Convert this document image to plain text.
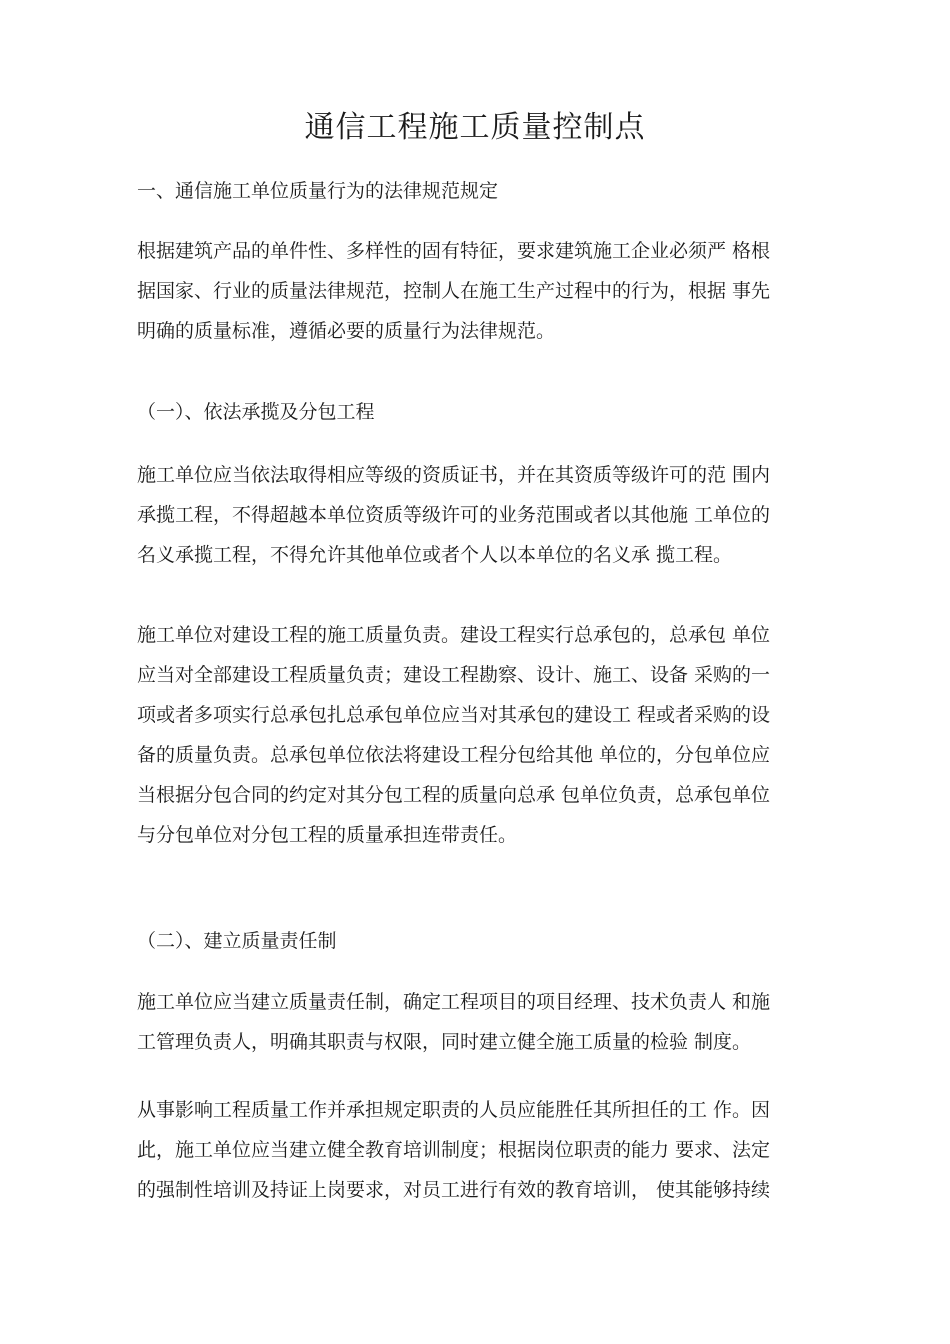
通信工程施工质量控制点

一、通信施工单位质量行为的法律规范规定

根据建筑产品的单件性、多样性的固有特征，要求建筑施工企业必须严 格根
据国家、行业的质量法律规范，控制人在施工生产过程中的行为，根据 事先
明确的质量标准，遵循必要的质量行为法律规范。

（一）、依法承揽及分包工程

施工单位应当依法取得相应等级的资质证书，并在其资质等级许可的范 围内
承揽工程，不得超越本单位资质等级许可的业务范围或者以其他施 工单位的
名义承揽工程，不得允许其他单位或者个人以本单位的名义承 揽工程。
施工单位对建设工程的施工质量负责。建设工程实行总承包的，总承包 单位
应当对全部建设工程质量负责；建设工程勘察、设计、施工、设备 采购的一
项或者多项实行总承包扎总承包单位应当对其承包的建设工 程或者采购的设
备的质量负责。总承包单位依法将建设工程分包给其他 单位的，分包单位应
当根据分包合同的约定对其分包工程的质量向总承 包单位负责，总承包单位
与分包单位对分包工程的质量承担连带责任。

（二）、建立质量责任制

施工单位应当建立质量责任制，确定工程项目的项目经理、技术负责人 和施
工管理负责人，明确其职责与权限，同时建立健全施工质量的检验 制度。
从事影响工程质量工作并承担规定职责的人员应能胜任其所担任的工 作。因
此，施工单位应当建立健全教育培训制度；根据岗位职责的能力 要求、法定
的强制性培训及持证上岗要求，对员工进行有效的教育培训， 使其能够持续
